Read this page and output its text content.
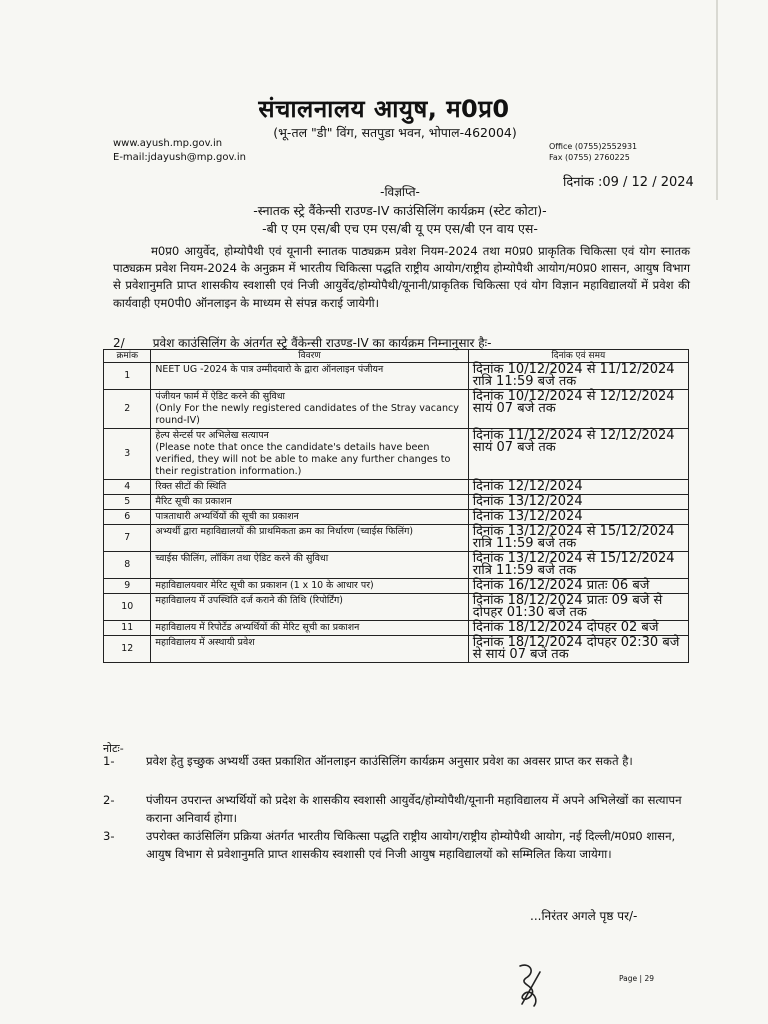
संचालनालय आयुष, म0प्र0
(भू-तल "डी" विंग, सतपुडा भवन, भोपाल-462004)
www.ayush.mp.gov.in
E-mail:jdayush@mp.gov.in
Office (0755)2552931
Fax (0755) 2760225
दिनांक :09 / 12 / 2024
-विज्ञप्ति-
-स्नातक स्ट्रे वैंकेन्सी राउण्ड-IV काउंसिलिंग कार्यक्रम (स्टेट कोटा)-
-बी ए एम एस/बी एच एम एस/बी यू एम एस/बी एन वाय एस-
म0प्र0 आयुर्वेद, होम्योपैथी एवं यूनानी स्नातक पाठ्यक्रम प्रवेश नियम-2024 तथा म0प्र0 प्राकृतिक चिकित्सा एवं योग स्नातक पाठ्यक्रम प्रवेश नियम-2024 के अनुक्रम में भारतीय चिकित्सा पद्धति राष्ट्रीय आयोग/राष्ट्रीय होम्योपैथी आयोग/म0प्र0 शासन, आयुष विभाग से प्रवेशानुमति प्राप्त शासकीय स्वशासी एवं निजी आयुर्वेद/होम्योपैथी/यूनानी/प्राकृतिक चिकित्सा एवं योग विज्ञान महाविद्यालयों में प्रवेश की कार्यवाही एम0पी0 ऑनलाइन के माध्यम से संपन्न कराई जायेगी।
2/ प्रवेश काउंसिलिंग के अंतर्गत स्ट्रे वैंकेन्सी राउण्ड-IV का कार्यक्रम निम्नानुसार हैः-
क्रमांक	विवरण	दिनांक एवं समय
1	NEET UG -2024 के पात्र उम्मीदवारो के द्वारा ऑनलाइन पंजीयन	दिनांक 10/12/2024 से 11/12/2024 रात्रि 11:59 बजे तक
2	पंजीयन फार्म में ऐडिट करने की सुविधा
(Only For the newly registered candidates of the Stray vacancy round-IV)	दिनांक 10/12/2024 से 12/12/2024 सायं 07 बजे तक
3	हेल्प सेन्टर्स पर अभिलेख सत्यापन
(Please note that once the candidate's details have been verified, they will not be able to make any further changes to their registration information.)	दिनांक 11/12/2024 से 12/12/2024 सायं 07 बजे तक
4	रिक्त सीटों की स्थिति	दिनांक 12/12/2024
5	मैरिट सूची का प्रकाशन	दिनांक 13/12/2024
6	पात्रताधारी अभ्यर्थियों की सूची का प्रकाशन	दिनांक 13/12/2024
7	अभ्यर्थी द्वारा महाविद्यालयों की प्राथमिकता क्रम का निर्धारण (च्वाईस फिलिंग)	दिनांक 13/12/2024 से 15/12/2024 रात्रि 11:59 बजे तक
8	च्वाईस फीलिंग, लॉकिंग तथा ऐडिट करने की सुविधा	दिनांक 13/12/2024 से 15/12/2024 रात्रि 11:59 बजे तक
9	महाविद्यालयवार मेरिट सूची का प्रकाशन (1 x 10 के आधार पर)	दिनांक 16/12/2024 प्रातः 06 बजे
10	महाविद्यालय में उपस्थिति दर्ज कराने की तिथि (रिपोर्टिंग)	दिनांक 18/12/2024 प्रातः 09 बजे से दोपहर 01:30 बजे तक
11	महाविद्यालय में रिपोर्टेड अभ्यर्थियों की मेरिट सूची का प्रकाशन	दिनांक 18/12/2024 दोपहर 02 बजे
12	महाविद्यालय में अस्थायी प्रवेश	दिनांक 18/12/2024 दोपहर 02:30 बजे से सायं 07 बजे तक
नोटः-
1-	प्रवेश हेतु इच्छुक अभ्यर्थी उक्त प्रकाशित ऑनलाइन काउंसिलिंग कार्यक्रम अनुसार प्रवेश का अवसर प्राप्त कर सकते है।
2-	पंजीयन उपरान्त अभ्यर्थियों को प्रदेश के शासकीय स्वशासी आयुर्वेद/होम्योपैथी/यूनानी महाविद्यालय में अपने अभिलेखों का सत्यापन कराना अनिवार्य होगा।
3-	उपरोक्त काउंसिलिंग प्रक्रिया अंतर्गत भारतीय चिकित्सा पद्धति राष्ट्रीय आयोग/राष्ट्रीय होम्योपैथी आयोग, नई दिल्ली/म0प्र0 शासन, आयुष विभाग से प्रवेशानुमति प्राप्त शासकीय स्वशासी एवं निजी आयुष महाविद्यालयों को सम्मिलित किया जायेगा।
...निरंतर अगले पृष्ठ पर/-
Page | 29
